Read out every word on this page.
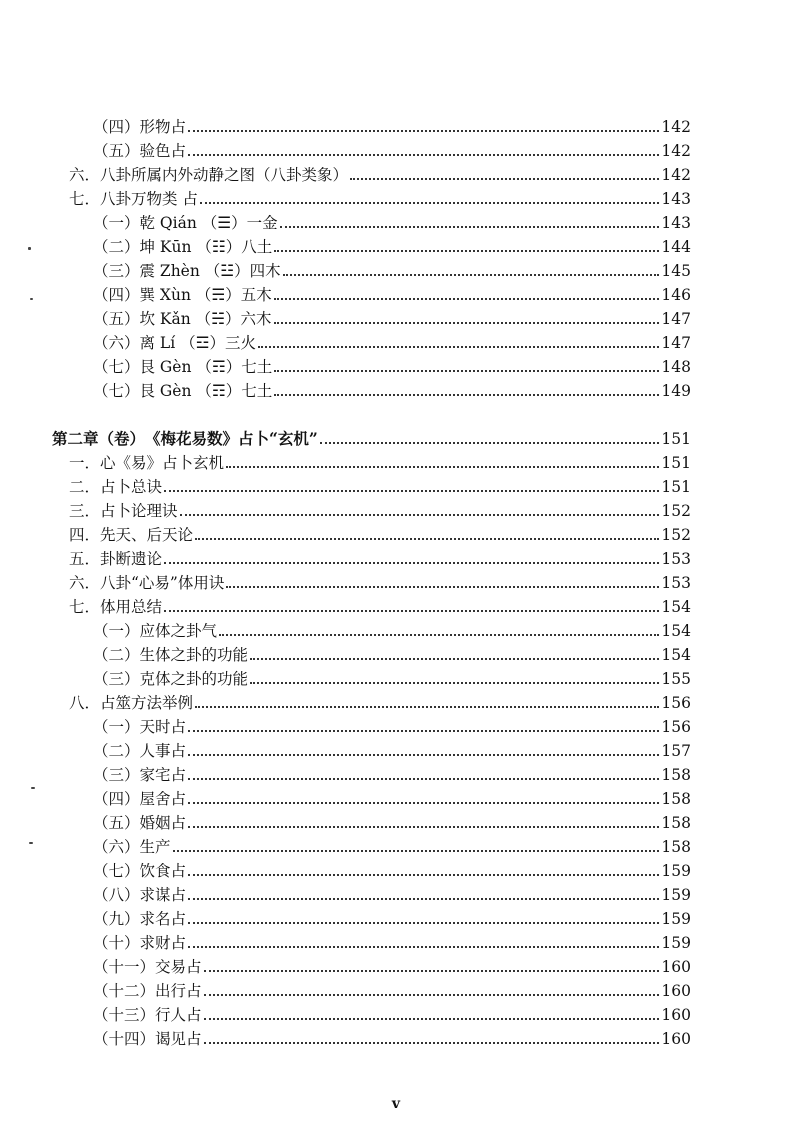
（四）形物占	142
（五）验色占	142
六．八卦所属内外动静之图（八卦类象）	142
七．八卦万物类 占	143
（一）乾 Qián （☰）一金	143
（二）坤 Kūn （☷）八土	144
（三）震 Zhèn （☳）四木	145
（四）巽 Xùn （☴）五木	146
（五）坎 Kǎn （☵）六木	147
（六）离 Lí （☲）三火	147
（七）艮 Gèn （☶）七土	148
（七）艮 Gèn （☶）七土	149
第二章（卷）　《梅花易数》占卜“玄机”	151
一．心《易》占卜玄机	151
二．占卜总诀	151
三．占卜论理诀	152
四．先天、后天论	152
五．卦断遗论	153
六．八卦“心易”体用诀	153
七．体用总结	154
（一）应体之卦气	154
（二）生体之卦的功能	154
（三）克体之卦的功能	155
八．占筮方法举例	156
（一）天时占	156
（二）人事占	157
（三）家宅占	158
（四）屋舍占	158
（五）婚姻占	158
（六）生产	158
（七）饮食占	159
（八）求谋占	159
（九）求名占	159
（十）求财占	159
（十一）交易占	160
（十二）出行占	160
（十三）行人占	160
（十四）谒见占	160
v
